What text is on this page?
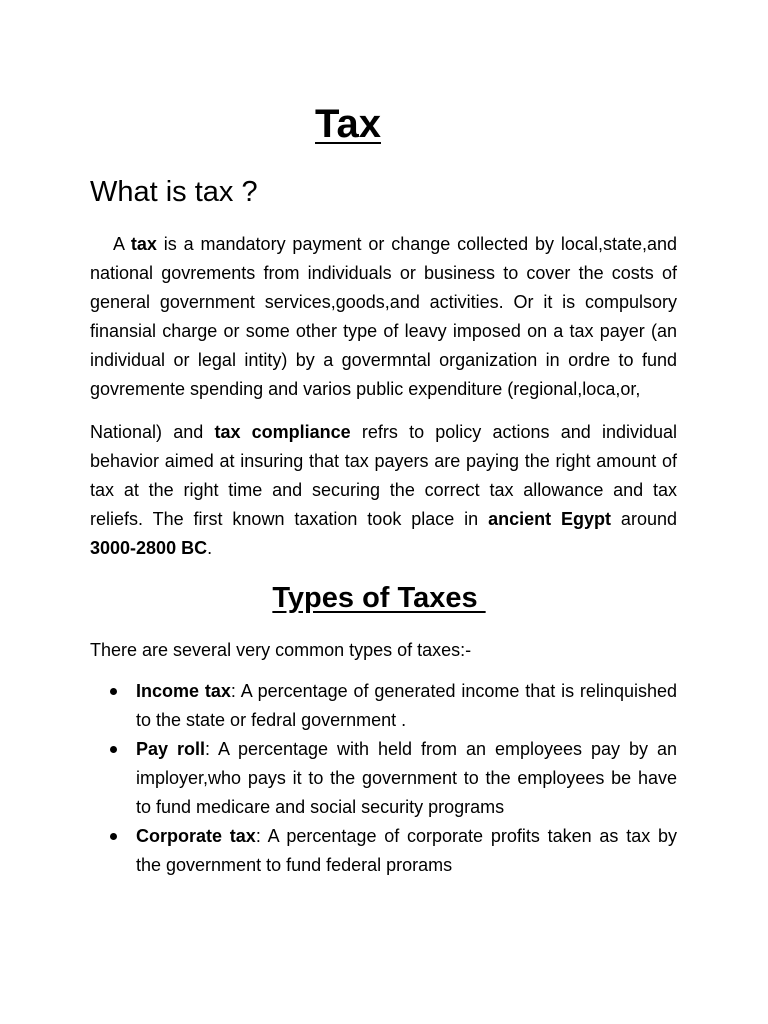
Tax
What is tax ?

A tax is a mandatory payment or change collected by local,state,and national govrements from individuals or business to cover the costs of general government services,goods,and activities. Or it is compulsory finansial charge or some other type of leavy imposed on a tax payer (an individual or legal intity) by a govermntal organization in ordre to fund govremente spending and varios public expenditure (regional,loca,or,

National) and tax compliance refrs to policy actions and individual behavior aimed at insuring that tax payers are paying the right amount of tax at the right time and securing the correct tax allowance and tax reliefs. The first known taxation took place in ancient Egypt around 3000-2800 BC.

Types of Taxes

There are several very common types of taxes:-

Income tax: A percentage of generated income that is relinquished to the state or fedral government .
Pay roll: A percentage with held from an employees pay by an imployer,who pays it to the government to the employees be have to fund medicare and social security programs
Corporate tax: A percentage of corporate profits taken as tax by the government to fund federal prorams
